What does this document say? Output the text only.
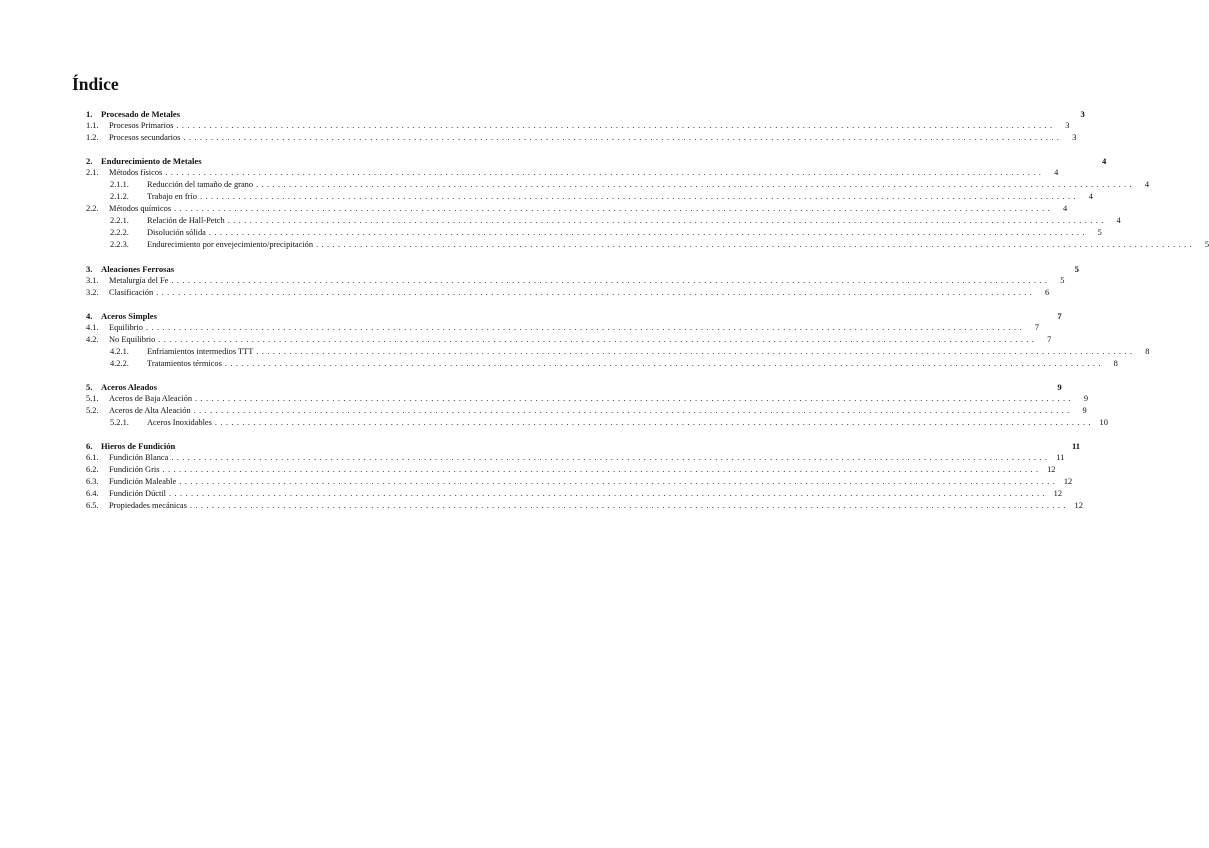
Índice
1. Procesado de Metales	3
1.1.	Procesos Primarios ................................................................................................................................................................	3
1.2.	Procesos secundarios ................................................................................................................................................................	3
2. Endurecimiento de Metales	4
2.1.	Métodos físicos ................................................................................................................................................................	4
2.1.1.	Reducción del tamaño de grano ................................................................................................................................................................	4
2.1.2.	Trabajo en frío ................................................................................................................................................................	4
2.2.	Métodos químicos ................................................................................................................................................................	4
2.2.1.	Relación de Hall-Petch ................................................................................................................................................................	4
2.2.2.	Disolución sólida ................................................................................................................................................................	5
2.2.3.	Endurecimiento por envejecimiento/precipitación ................................................................................................................................................................	5
3. Aleaciones Ferrosas	5
3.1.	Metalurgía del Fe ................................................................................................................................................................	5
3.2.	Clasificación ................................................................................................................................................................	6
4. Aceros Simples	7
4.1.	Equilibrio ................................................................................................................................................................	7
4.2.	No Equilibrio ................................................................................................................................................................	7
4.2.1.	Enfriamientos intermedios TTT ................................................................................................................................................................	8
4.2.2.	Tratamientos térmicos ................................................................................................................................................................	8
5. Aceros Aleados	9
5.1.	Aceros de Baja Aleación ................................................................................................................................................................	9
5.2.	Aceros de Alta Aleación ................................................................................................................................................................	9
5.2.1.	Aceros Inoxidables ................................................................................................................................................................ 10
6. Hieros de Fundición	11
6.1.	Fundición Blanca ................................................................................................................................................................ 11
6.2.	Fundición Gris ................................................................................................................................................................ 12
6.3.	Fundición Maleable ................................................................................................................................................................ 12
6.4.	Fundición Dúctil ................................................................................................................................................................ 12
6.5.	Propiedades mecánicas ................................................................................................................................................................ 12
